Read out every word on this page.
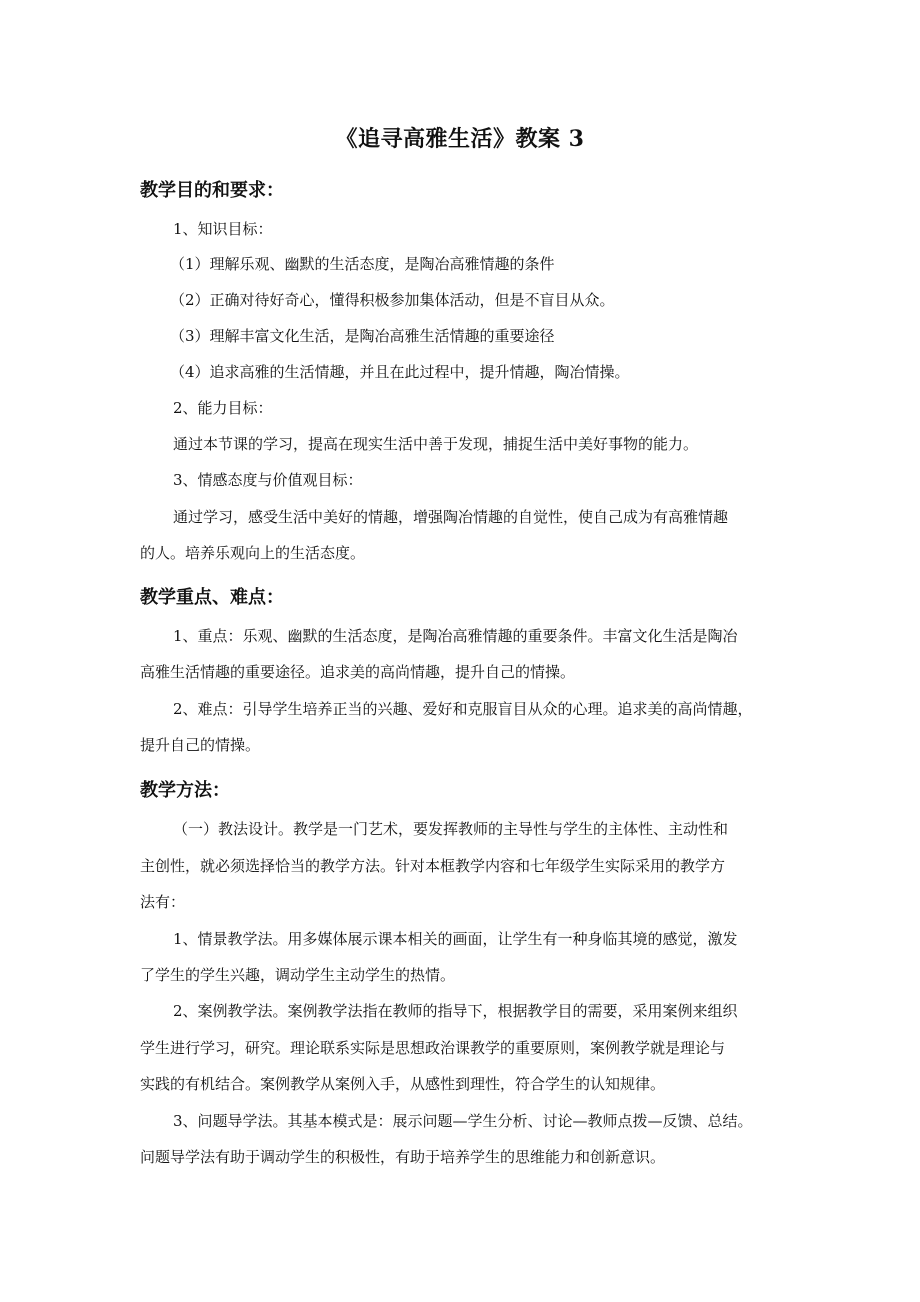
《追寻高雅生活》教案 3
教学目的和要求：
1、知识目标：
（1）理解乐观、幽默的生活态度，是陶冶高雅情趣的条件
（2）正确对待好奇心，懂得积极参加集体活动，但是不盲目从众。
（3）理解丰富文化生活，是陶冶高雅生活情趣的重要途径
（4）追求高雅的生活情趣，并且在此过程中，提升情趣，陶冶情操。
2、能力目标：
通过本节课的学习，提高在现实生活中善于发现，捕捉生活中美好事物的能力。
3、情感态度与价值观目标：
通过学习，感受生活中美好的情趣，增强陶冶情趣的自觉性，使自己成为有高雅情趣
的人。培养乐观向上的生活态度。
教学重点、难点：
1、重点：乐观、幽默的生活态度，是陶冶高雅情趣的重要条件。丰富文化生活是陶冶
高雅生活情趣的重要途径。追求美的高尚情趣，提升自己的情操。
2、难点：引导学生培养正当的兴趣、爱好和克服盲目从众的心理。追求美的高尚情趣，
提升自己的情操。
教学方法：
（一）教法设计。教学是一门艺术，要发挥教师的主导性与学生的主体性、主动性和
主创性，就必须选择恰当的教学方法。针对本框教学内容和七年级学生实际采用的教学方
法有：
1、情景教学法。用多媒体展示课本相关的画面，让学生有一种身临其境的感觉，激发
了学生的学生兴趣，调动学生主动学生的热情。
2、案例教学法。案例教学法指在教师的指导下，根据教学目的需要，采用案例来组织
学生进行学习，研究。理论联系实际是思想政治课教学的重要原则，案例教学就是理论与
实践的有机结合。案例教学从案例入手，从感性到理性，符合学生的认知规律。
3、问题导学法。其基本模式是：展示问题—学生分析、讨论—教师点拨—反馈、总结。
问题导学法有助于调动学生的积极性，有助于培养学生的思维能力和创新意识。
